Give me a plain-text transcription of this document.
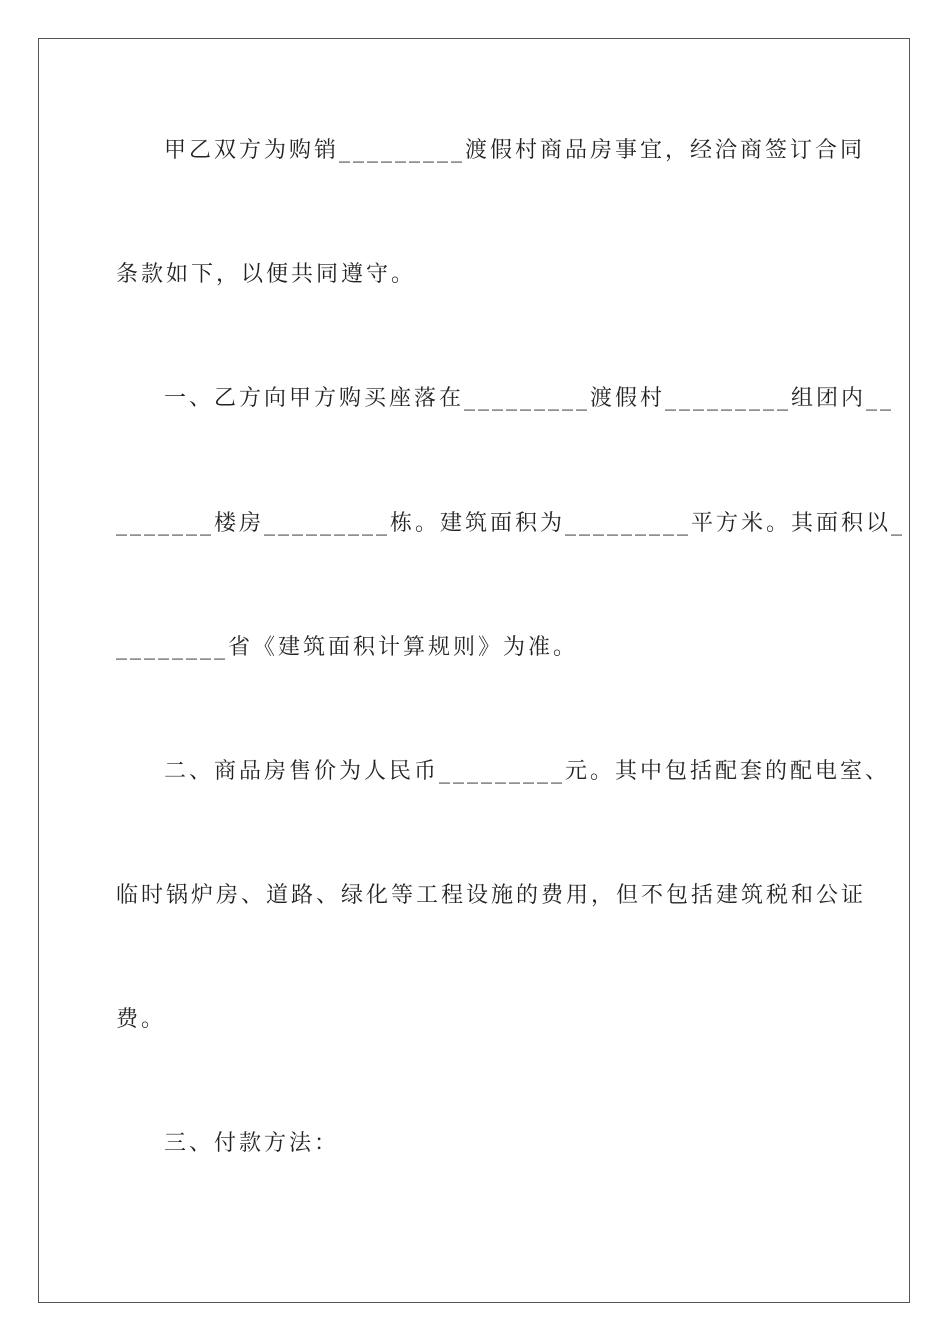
甲乙双方为购销_________渡假村商品房事宜，经洽商签订合同

条款如下，以便共同遵守。

一、乙方向甲方购买座落在_________渡假村_________组团内__

_______楼房_________栋。建筑面积为_________平方米。其面积以_

________省《建筑面积计算规则》为准。

二、商品房售价为人民币_________元。其中包括配套的配电室、

临时锅炉房、道路、绿化等工程设施的费用，但不包括建筑税和公证

费。

三、付款方法：
